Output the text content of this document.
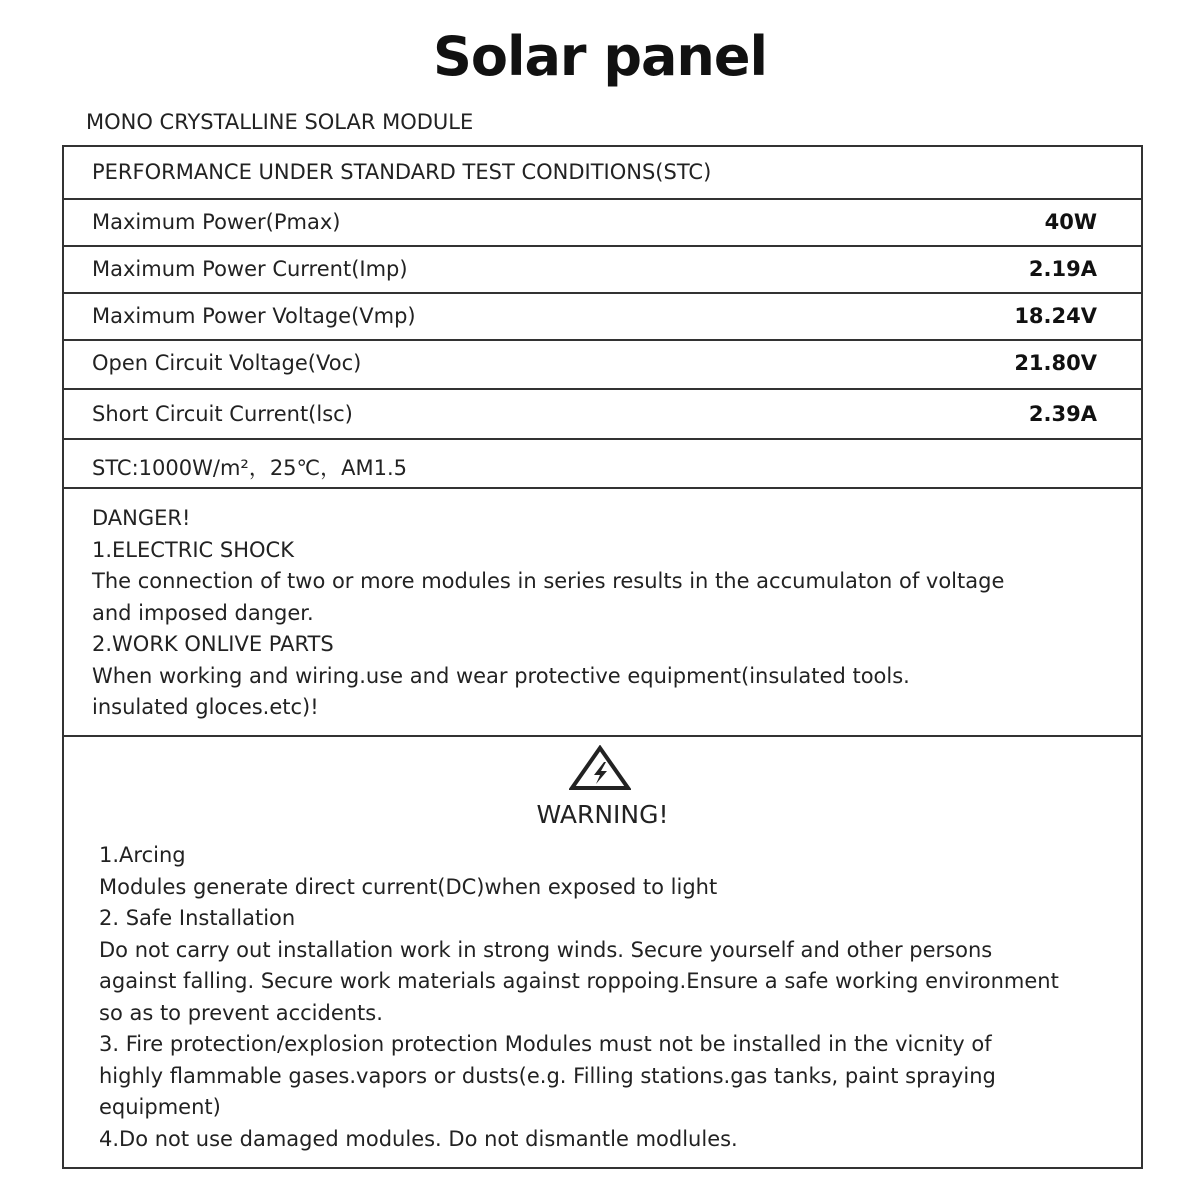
Solar panel
MONO CRYSTALLINE SOLAR MODULE
PERFORMANCE UNDER STANDARD TEST CONDITIONS(STC)
Maximum Power(Pmax)	40W
Maximum Power Current(Imp)	2.19A
Maximum Power Voltage(Vmp)	18.24V
Open Circuit Voltage(Voc)	21.80V
Short Circuit Current(lsc)	2.39A
STC:1000W/m²，25℃，AM1.5
DANGER!
1.ELECTRIC SHOCK
The connection of two or more modules in series results in the accumulaton of voltage
and imposed danger.
2.WORK ONLIVE PARTS
When working and wiring.use and wear protective equipment(insulated tools.
insulated gloces.etc)!
WARNING!
1.Arcing
Modules generate direct current(DC)when exposed to light
2. Safe Installation
Do not carry out installation work in strong winds. Secure yourself and other persons
against falling. Secure work materials against roppoing.Ensure a safe working environment
so as to prevent accidents.
3. Fire protection/explosion protection Modules must not be installed in the vicnity of
highly flammable gases.vapors or dusts(e.g. Filling stations.gas tanks, paint spraying
equipment)
4.Do not use damaged modules. Do not dismantle modlules.
